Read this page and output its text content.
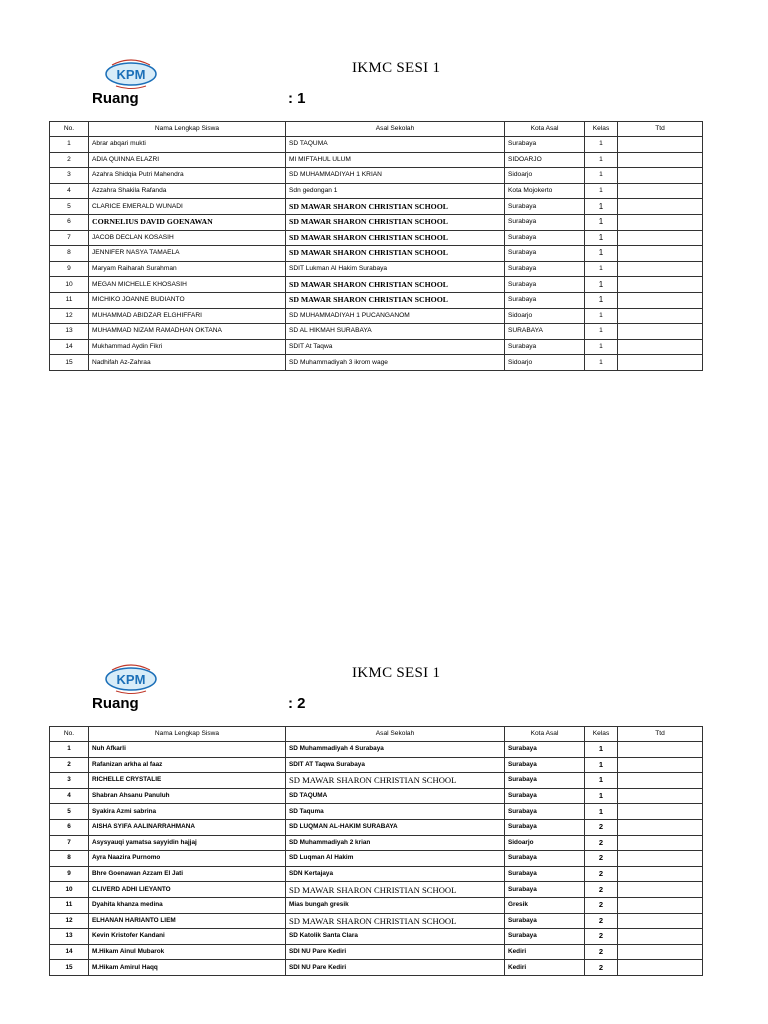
KPM	IKMC SESI 1
Ruang	: 1
No.	Nama Lengkap Siswa	Asal Sekolah	Kota Asal	Kelas	Ttd
1	Abrar abqari mukti	SD TAQUMA	Surabaya	1	
2	ADIA QUINNA ELAZRI	MI MIFTAHUL ULUM	SIDOARJO	1	
3	Azahra Shidqia Putri Mahendra	SD MUHAMMADIYAH 1 KRIAN	Sidoarjo	1	
4	Azzahra Shakila Rafanda	Sdn gedongan 1	Kota Mojokerto	1	
5	CLARICE EMERALD WUNADI	SD MAWAR SHARON CHRISTIAN SCHOOL	Surabaya	1	
6	CORNELIUS DAVID GOENAWAN	SD MAWAR SHARON CHRISTIAN SCHOOL	Surabaya	1	
7	JACOB DECLAN KOSASIH	SD MAWAR SHARON CHRISTIAN SCHOOL	Surabaya	1	
8	JENNIFER NASYA TAMAELA	SD MAWAR SHARON CHRISTIAN SCHOOL	Surabaya	1	
9	Maryam Raiharah Surahman	SDIT Lukman Al Hakim Surabaya	Surabaya	1	
10	MEGAN MICHELLE KHOSASIH	SD MAWAR SHARON CHRISTIAN SCHOOL	Surabaya	1	
11	MICHIKO JOANNE BUDIANTO	SD MAWAR SHARON CHRISTIAN SCHOOL	Surabaya	1	
12	MUHAMMAD ABIDZAR ELGHIFFARI	SD MUHAMMADIYAH 1 PUCANGANOM	Sidoarjo	1	
13	MUHAMMAD NIZAM RAMADHAN OKTANA	SD AL HIKMAH SURABAYA	SURABAYA	1	
14	Mukhammad Aydin Fikri	SDIT At Taqwa	Surabaya	1	
15	Nadhifah Az-Zahraa	SD Muhammadiyah 3 ikrom wage	Sidoarjo	1	
KPM	IKMC SESI 1
Ruang	: 2
No.	Nama Lengkap Siswa	Asal Sekolah	Kota Asal	Kelas	Ttd
1	Nuh Afkarli	SD Muhammadiyah 4 Surabaya	Surabaya	1	
2	Rafanizan arkha al faaz	SDIT AT Taqwa Surabaya	Surabaya	1	
3	RICHELLE CRYSTALIE	SD MAWAR SHARON CHRISTIAN SCHOOL	Surabaya	1	
4	Shabran Ahsanu Panuluh	SD TAQUMA	Surabaya	1	
5	Syakira Azmi sabrina	SD Taquma	Surabaya	1	
6	AISHA SYIFA AALINARRAHMANA	SD LUQMAN AL-HAKIM SURABAYA	Surabaya	2	
7	Asysyauqi yamatsa sayyidin hajjaj	SD Muhammadiyah 2 krian	Sidoarjo	2	
8	Ayra Naazira Purnomo	SD Luqman Al Hakim	Surabaya	2	
9	Bhre Goenawan Azzam El Jati	SDN Kertajaya	Surabaya	2	
10	CLIVERD ADHI LIEYANTO	SD MAWAR SHARON CHRISTIAN SCHOOL	Surabaya	2	
11	Dyahita khanza medina	Mias bungah gresik	Gresik	2	
12	ELHANAN HARIANTO LIEM	SD MAWAR SHARON CHRISTIAN SCHOOL	Surabaya	2	
13	Kevin Kristofer Kandani	SD Katolik Santa Clara	Surabaya	2	
14	M.Hikam Ainul Mubarok	SDI NU Pare Kediri	Kediri	2	
15	M.Hikam Amirul Haqq	SDI NU Pare Kediri	Kediri	2	
